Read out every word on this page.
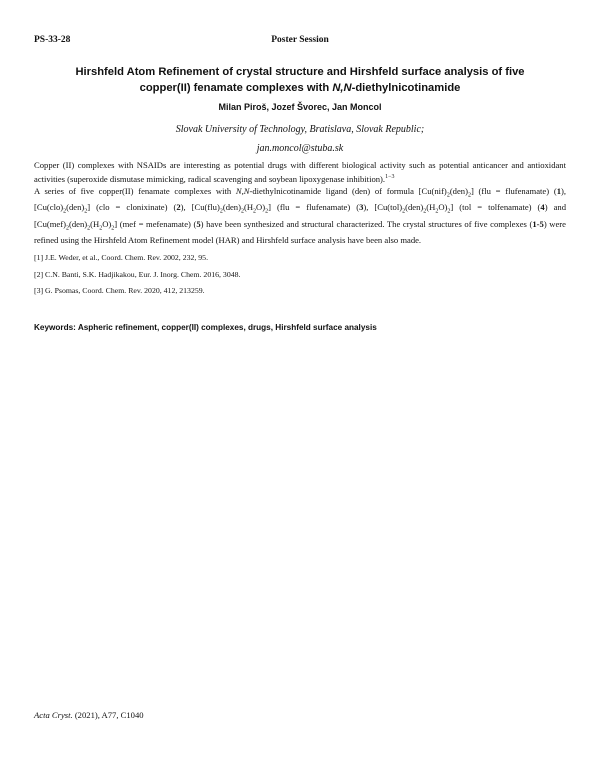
PS-33-28	Poster Session
Hirshfeld Atom Refinement of crystal structure and Hirshfeld surface analysis of five copper(II) fenamate complexes with N,N-diethylnicotinamide
Milan Piroš, Jozef Švorec, Jan Moncol
Slovak University of Technology, Bratislava, Slovak Republic;
jan.moncol@stuba.sk
Copper (II) complexes with NSAIDs are interesting as potential drugs with different biological activity such as potential anticancer and antioxidant activities (superoxide dismutase mimicking, radical scavenging and soybean lipoxygenase inhibition).$^{1-3}$
A series of five copper(II) fenamate complexes with N,N-diethylnicotinamide ligand (den) of formula $[Cu(nif)_2(den)_2] (flu$ = flufenamate) (1), $[Cu(clo)_2(den)_2] (clo$ = clonixinate) (2), $[Cu(flu)_2(den)_2(H_2O)_2] (flu$ = flufenamate) (3), $[Cu(tol)_2(den)_2(H_2O)_2] (tol$ = tolfenamate) (4) and $[Cu(mef)_2(den)_2(H_2O)_2] (mef$ = mefenamate) (5) have been synthesized and structural characterized. The crystal structures of five complexes (1-5) were refined using the Hirshfeld Atom Refinement model (HAR) and Hirshfeld surface analysis have been also made.
[1] J.E. Weder, et al., Coord. Chem. Rev. 2002, 232, 95.
[2] C.N. Banti, S.K. Hadjikakou, Eur. J. Inorg. Chem. 2016, 3048.
[3] G. Psomas, Coord. Chem. Rev. 2020, 412, 213259.
Keywords: Aspheric refinement, copper(II) complexes, drugs, Hirshfeld surface analysis
Acta Cryst. (2021), A77, C1040
